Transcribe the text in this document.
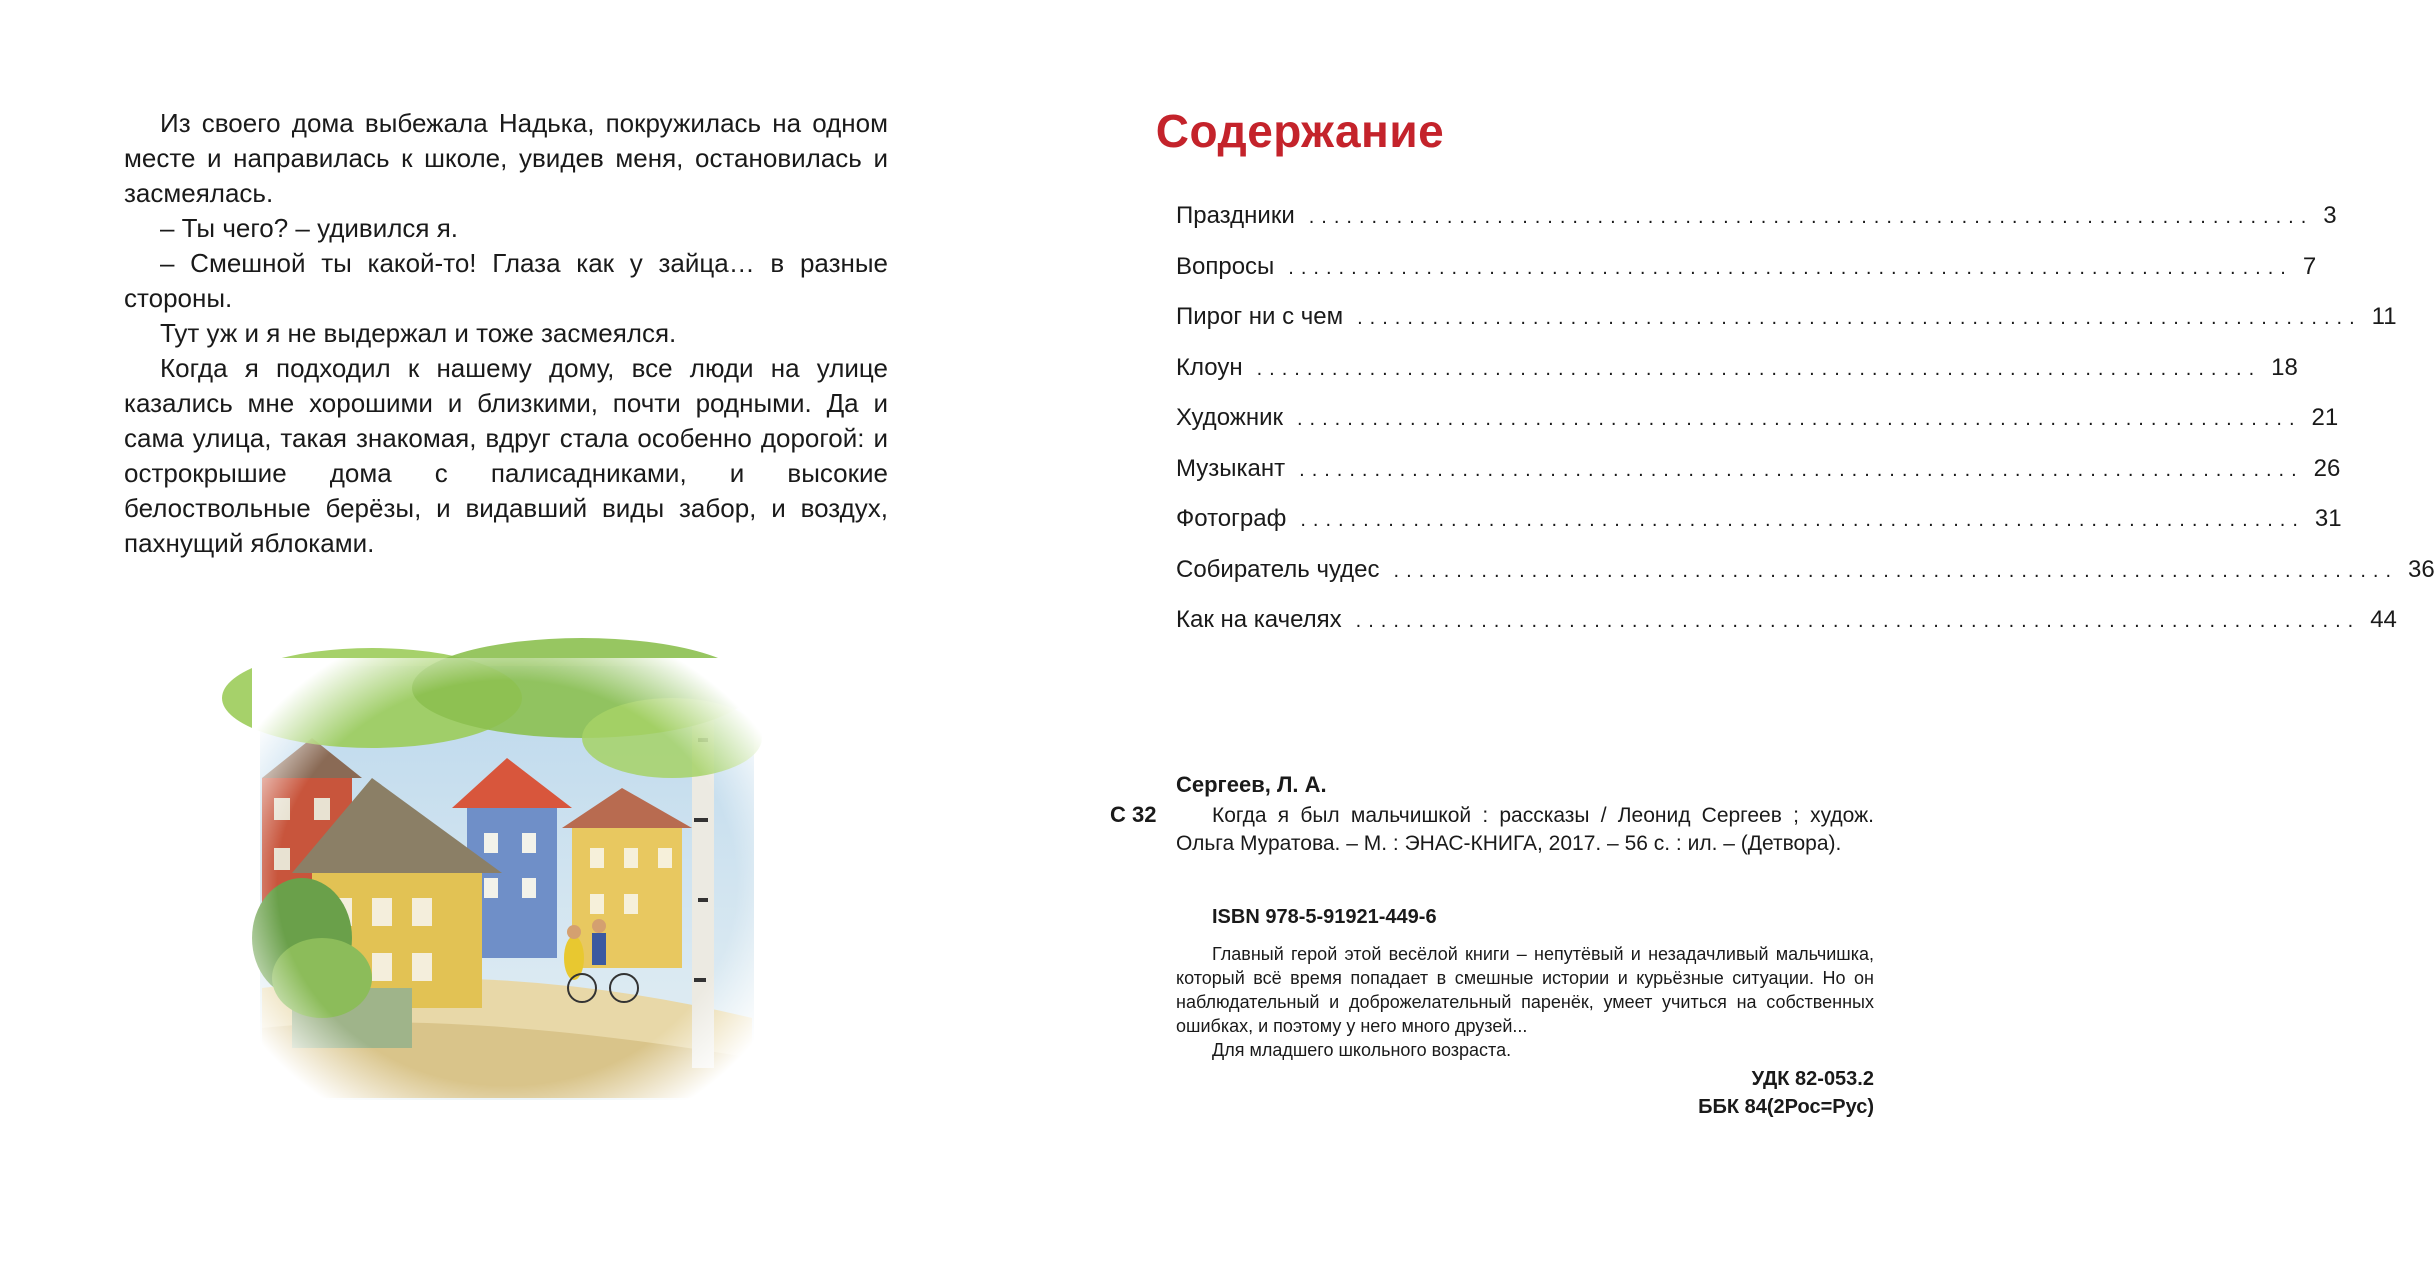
Из своего дома выбежала Надька, покружилась на одном месте и направилась к школе, увидев меня, остановилась и засмеялась.

– Ты чего? – удивился я.

– Смешной ты какой-то! Глаза как у зайца… в разные стороны.

Тут уж и я не выдержал и тоже засмеялся.

Когда я подходил к нашему дому, все люди на улице казались мне хорошими и близкими, почти родными. Да и сама улица, такая знакомая, вдруг стала особенно дорогой: и острокрышие дома с палисадниками, и высокие белоствольные берёзы, и видавший виды забор, и воздух, пахнущий яблоками.

Содержание
Праздники ................................................................................ 3
Вопросы ................................................................................ 7
Пирог ни с чем ................................................................................ 11
Клоун ................................................................................ 18
Художник ................................................................................ 21
Музыкант ................................................................................ 26
Фотограф ................................................................................ 31
Собиратель чудес ................................................................................ 36
Как на качелях ................................................................................ 44
Сергеев, Л. А.
С 32	Когда я был мальчишкой : рассказы / Леонид Сергеев ; худож. Ольга Муратова. – М. : ЭНАС-КНИГА, 2017. – 56 с. : ил. – (Детвора).
ISBN 978-5-91921-449-6

Главный герой этой весёлой книги – непутёвый и незадачливый мальчишка, который всё время попадает в смешные истории и курьёзные ситуации. Но он наблюдательный и доброжелательный паренёк, умеет учиться на собственных ошибках, и поэтому у него много друзей...

Для младшего школьного возраста.

УДК 82-053.2
ББК 84(2Рос=Рус)
